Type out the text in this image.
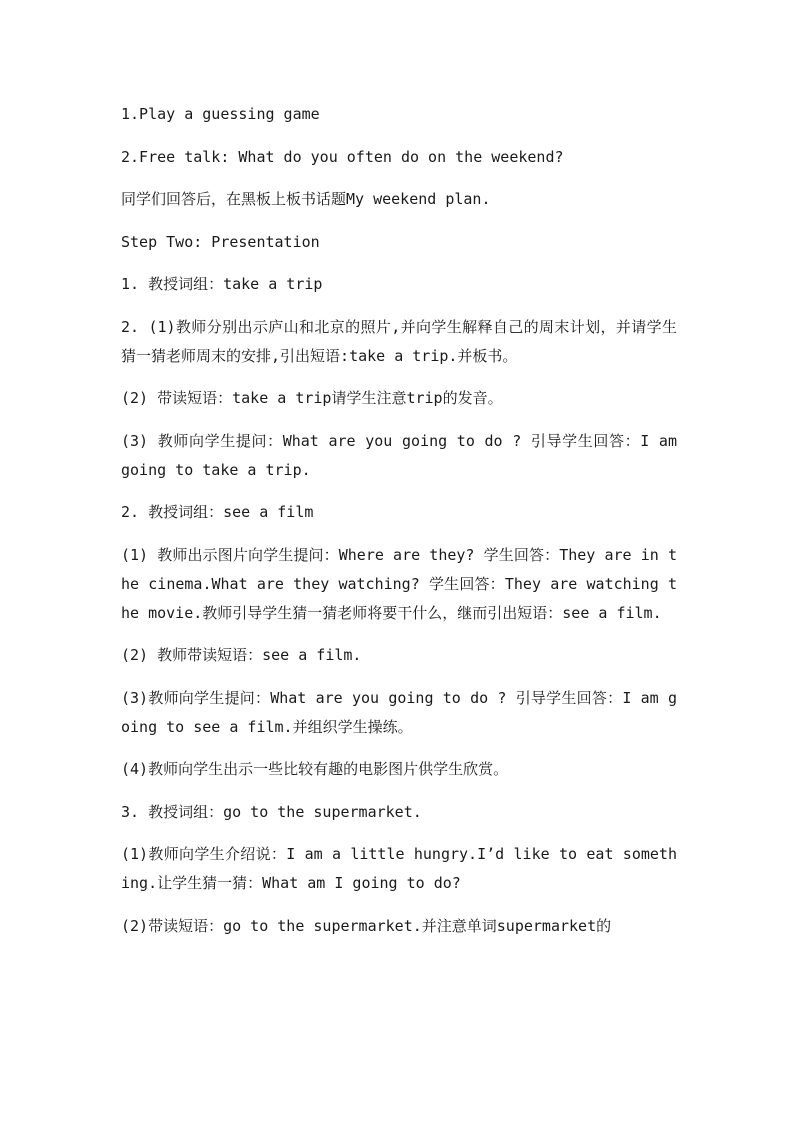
1.Play a guessing game

2.Free talk: What do you often do on the weekend?

同学们回答后，在黑板上板书话题My weekend plan.

Step Two: Presentation

1. 教授词组：take a trip

2. (1)教师分别出示庐山和北京的照片,并向学生解释自己的周末计划，并请学生猜一猜老师周末的安排,引出短语:take a trip.并板书。

(2) 带读短语：take a trip请学生注意trip的发音。

(3) 教师向学生提问：What are you going to do ? 引导学生回答：I am going to take a trip.

2. 教授词组：see a film

(1) 教师出示图片向学生提问：Where are they? 学生回答：They are in the cinema.What are they watching? 学生回答：They are watching the movie.教师引导学生猜一猜老师将要干什么，继而引出短语：see a film.

(2) 教师带读短语：see a film.

(3)教师向学生提问：What are you going to do ? 引导学生回答：I am going to see a film.并组织学生操练。

(4)教师向学生出示一些比较有趣的电影图片供学生欣赏。

3. 教授词组：go to the supermarket.

(1)教师向学生介绍说：I am a little hungry.I’d like to eat something.让学生猜一猜：What am I going to do?

(2)带读短语：go to the supermarket.并注意单词supermarket的
